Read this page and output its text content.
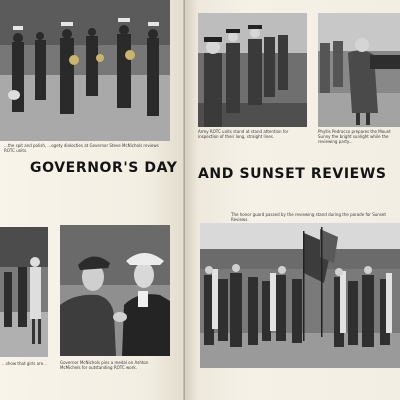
...the spit and polish, ...ogety dialocties at Governor Steve McNichols reviews ROTC units.
GOVERNOR'S DAY
...show that girls are...	Governor McNichols pins a medal on Ashton McMichels for outstanding ROTC work.
Army ROTC units stand at stand attention for inspection of their long, straight lines.
Phyllis Pedracco prepares the Mount Sunny the bright sunlight while the reviewing party...
AND SUNSET REVIEWS
The honor guard passed by the reviewing stand during the parade for Sunset Reviews.
